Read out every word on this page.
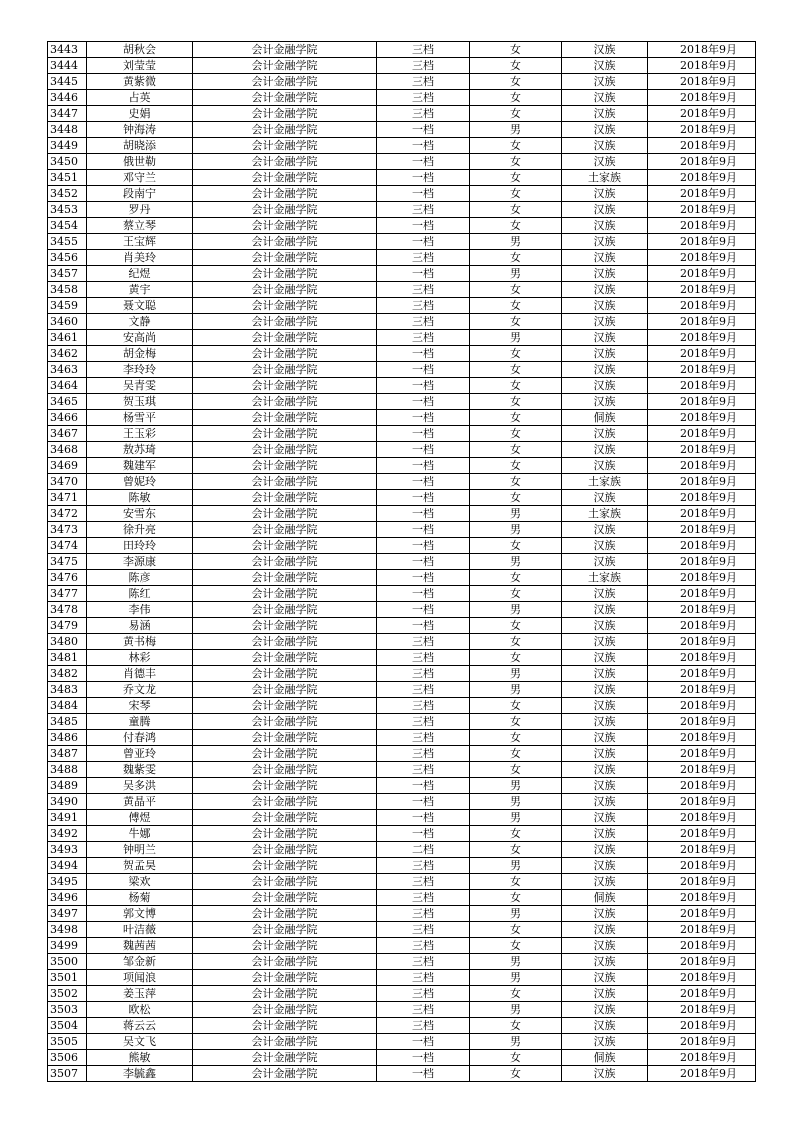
3443	胡秋会	会计金融学院	三档	女	汉族	2018年9月
3444	刘莹莹	会计金融学院	三档	女	汉族	2018年9月
3445	黄紫微	会计金融学院	三档	女	汉族	2018年9月
3446	占英	会计金融学院	三档	女	汉族	2018年9月
3447	史娟	会计金融学院	三档	女	汉族	2018年9月
3448	钟海涛	会计金融学院	一档	男	汉族	2018年9月
3449	胡晓添	会计金融学院	一档	女	汉族	2018年9月
3450	俄世勒	会计金融学院	一档	女	汉族	2018年9月
3451	邓守兰	会计金融学院	一档	女	土家族	2018年9月
3452	段南宁	会计金融学院	一档	女	汉族	2018年9月
3453	罗丹	会计金融学院	三档	女	汉族	2018年9月
3454	蔡立琴	会计金融学院	一档	女	汉族	2018年9月
3455	王宝辉	会计金融学院	一档	男	汉族	2018年9月
3456	肖美玲	会计金融学院	三档	女	汉族	2018年9月
3457	纪煜	会计金融学院	一档	男	汉族	2018年9月
3458	黄宇	会计金融学院	三档	女	汉族	2018年9月
3459	聂文聪	会计金融学院	三档	女	汉族	2018年9月
3460	文静	会计金融学院	三档	女	汉族	2018年9月
3461	安高尚	会计金融学院	三档	男	汉族	2018年9月
3462	胡金梅	会计金融学院	一档	女	汉族	2018年9月
3463	李玲玲	会计金融学院	一档	女	汉族	2018年9月
3464	吴青雯	会计金融学院	一档	女	汉族	2018年9月
3465	贺玉琪	会计金融学院	一档	女	汉族	2018年9月
3466	杨雪平	会计金融学院	一档	女	侗族	2018年9月
3467	王玉彩	会计金融学院	一档	女	汉族	2018年9月
3468	敖苏琦	会计金融学院	一档	女	汉族	2018年9月
3469	魏建军	会计金融学院	一档	女	汉族	2018年9月
3470	曾妮玲	会计金融学院	一档	女	土家族	2018年9月
3471	陈敏	会计金融学院	一档	女	汉族	2018年9月
3472	安雪东	会计金融学院	一档	男	土家族	2018年9月
3473	徐升亮	会计金融学院	一档	男	汉族	2018年9月
3474	田玲玲	会计金融学院	一档	女	汉族	2018年9月
3475	李源康	会计金融学院	一档	男	汉族	2018年9月
3476	陈彦	会计金融学院	一档	女	土家族	2018年9月
3477	陈红	会计金融学院	一档	女	汉族	2018年9月
3478	李伟	会计金融学院	一档	男	汉族	2018年9月
3479	易涵	会计金融学院	一档	女	汉族	2018年9月
3480	黄书梅	会计金融学院	三档	女	汉族	2018年9月
3481	林彩	会计金融学院	三档	女	汉族	2018年9月
3482	肖德丰	会计金融学院	三档	男	汉族	2018年9月
3483	乔文龙	会计金融学院	三档	男	汉族	2018年9月
3484	宋琴	会计金融学院	三档	女	汉族	2018年9月
3485	童腾	会计金融学院	三档	女	汉族	2018年9月
3486	付春鸿	会计金融学院	三档	女	汉族	2018年9月
3487	曾亚玲	会计金融学院	三档	女	汉族	2018年9月
3488	魏紫雯	会计金融学院	三档	女	汉族	2018年9月
3489	吴多洪	会计金融学院	一档	男	汉族	2018年9月
3490	黄晶平	会计金融学院	一档	男	汉族	2018年9月
3491	傅煜	会计金融学院	一档	男	汉族	2018年9月
3492	牛娜	会计金融学院	一档	女	汉族	2018年9月
3493	钟明兰	会计金融学院	二档	女	汉族	2018年9月
3494	贺孟昊	会计金融学院	三档	男	汉族	2018年9月
3495	梁欢	会计金融学院	三档	女	汉族	2018年9月
3496	杨菊	会计金融学院	三档	女	侗族	2018年9月
3497	郭文博	会计金融学院	三档	男	汉族	2018年9月
3498	叶洁薇	会计金融学院	三档	女	汉族	2018年9月
3499	魏茜茜	会计金融学院	三档	女	汉族	2018年9月
3500	邹金新	会计金融学院	三档	男	汉族	2018年9月
3501	项闻浪	会计金融学院	三档	男	汉族	2018年9月
3502	姜玉萍	会计金融学院	三档	女	汉族	2018年9月
3503	欧松	会计金融学院	三档	男	汉族	2018年9月
3504	蒋云云	会计金融学院	三档	女	汉族	2018年9月
3505	吴文飞	会计金融学院	一档	男	汉族	2018年9月
3506	熊敏	会计金融学院	一档	女	侗族	2018年9月
3507	李毓鑫	会计金融学院	一档	女	汉族	2018年9月
